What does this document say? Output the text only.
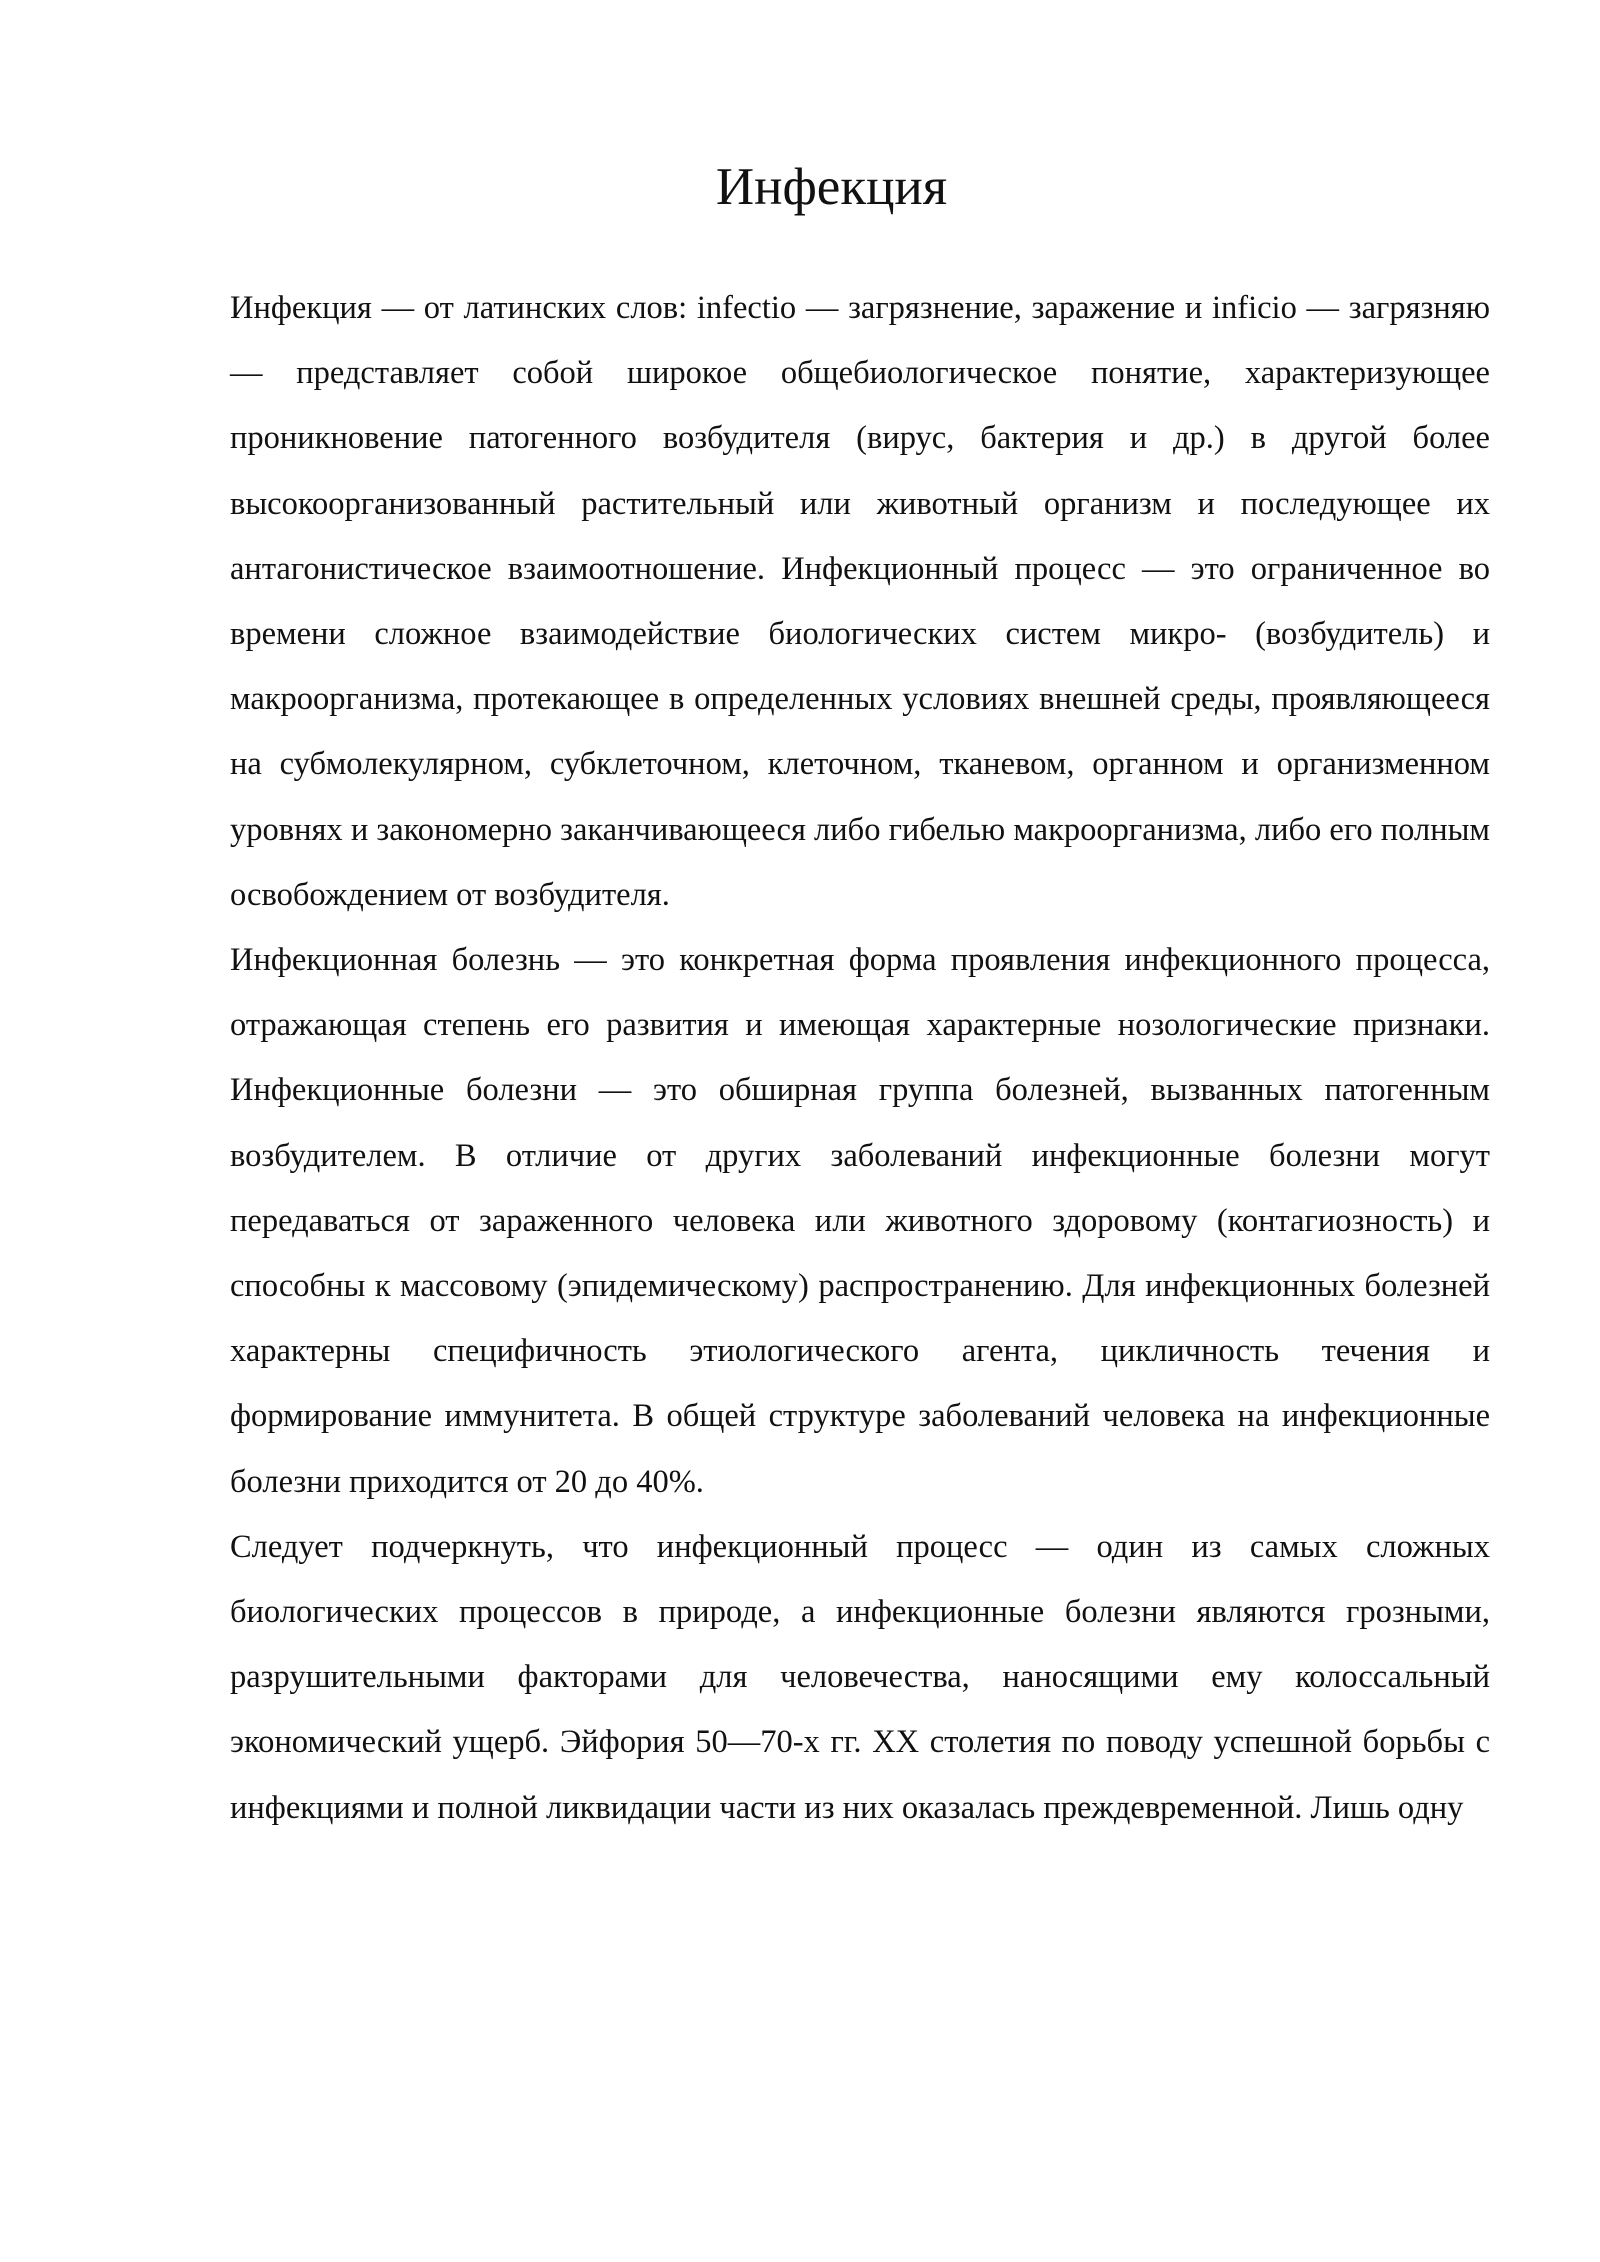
Инфекция

Инфекция — от латинских слов: infectio — загрязнение, заражение и inficio — загрязняю — представляет собой широкое общебиологическое понятие, характеризующее проникновение патогенного возбудителя (вирус, бактерия и др.) в другой более высокоорганизованный растительный или животный организм и последующее их антагонистическое взаимоотношение. Инфекционный процесс — это ограниченное во времени сложное взаимодействие биологических систем микро- (возбудитель) и макроорганизма, протекающее в определенных условиях внешней среды, проявляющееся на субмолекулярном, субклеточном, клеточном, тканевом, органном и организменном уровнях и закономерно заканчивающееся либо гибелью макроорганизма, либо его полным освобождением от возбудителя.

Инфекционная болезнь — это конкретная форма проявления инфекционного процесса, отражающая степень его развития и имеющая характерные нозологические признаки. Инфекционные болезни — это обширная группа болезней, вызванных патогенным возбудителем. В отличие от других заболеваний инфекционные болезни могут передаваться от зараженного человека или животного здоровому (контагиозность) и способны к массовому (эпидемическому) распространению. Для инфекционных болезней характерны специфичность этиологического агента, цикличность течения и формирование иммунитета. В общей структуре заболеваний человека на инфекционные болезни приходится от 20 до 40%.

Следует подчеркнуть, что инфекционный процесс — один из самых сложных биологических процессов в природе, а инфекционные болезни являются грозными, разрушительными факторами для человечества, наносящими ему колоссальный экономический ущерб. Эйфория 50—70-х гг. XX столетия по поводу успешной борьбы с инфекциями и полной ликвидации части из них оказалась преждевременной. Лишь одну
